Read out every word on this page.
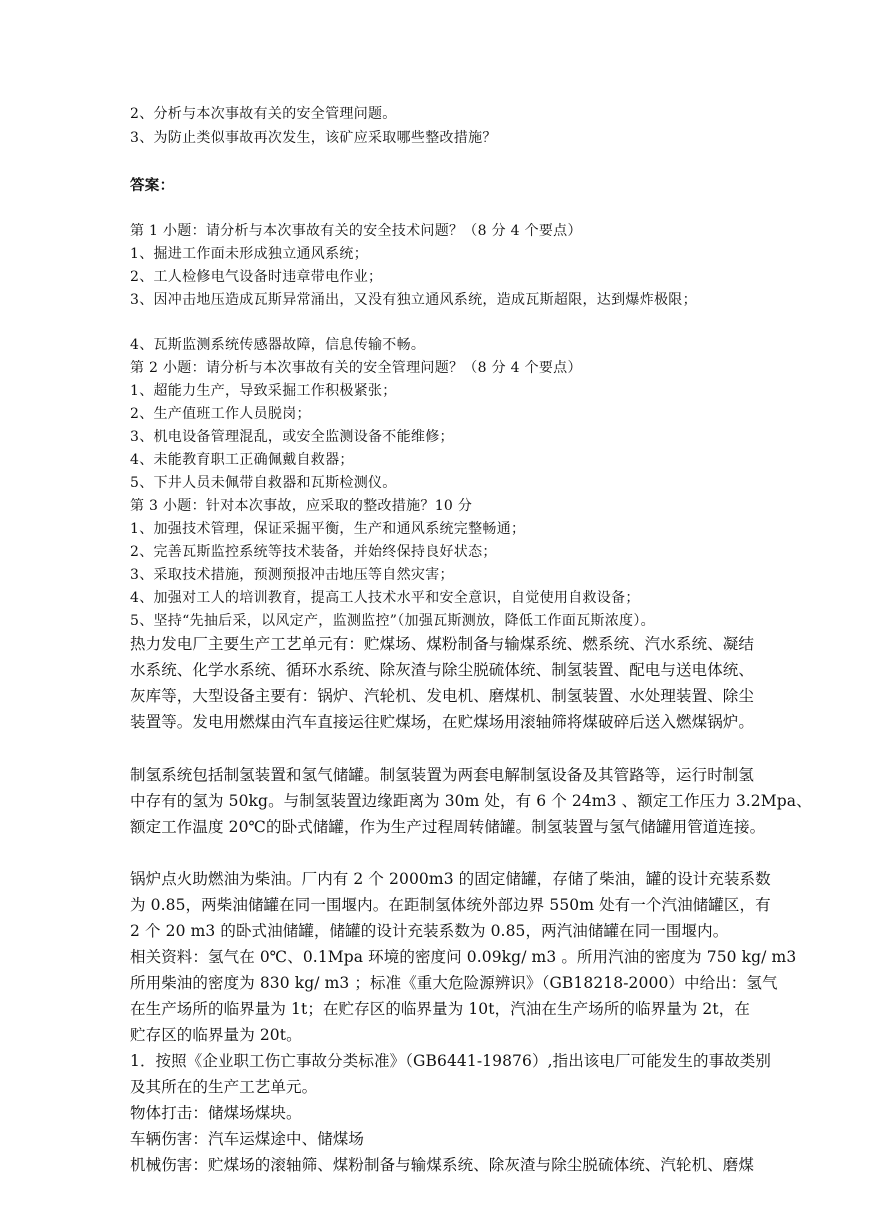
2、分析与本次事故有关的安全管理问题。
3、为防止类似事故再次发生，该矿应采取哪些整改措施？
答案：
第 1 小题：请分析与本次事故有关的安全技术问题？（8 分 4 个要点）
1、掘进工作面未形成独立通风系统；
2、工人检修电气设备时违章带电作业；
3、因冲击地压造成瓦斯异常涌出，又没有独立通风系统，造成瓦斯超限，达到爆炸极限；
4、瓦斯监测系统传感器故障，信息传输不畅。
第 2 小题：请分析与本次事故有关的安全管理问题？（8 分 4 个要点）
1、超能力生产，导致采掘工作积极紧张；
2、生产值班工作人员脱岗；
3、机电设备管理混乱，或安全监测设备不能维修；
4、未能教育职工正确佩戴自救器；
5、下井人员未佩带自救器和瓦斯检测仪。
第 3 小题：针对本次事故，应采取的整改措施？10 分
1、加强技术管理，保证采掘平衡，生产和通风系统完整畅通；
2、完善瓦斯监控系统等技术装备，并始终保持良好状态；
3、采取技术措施，预测预报冲击地压等自然灾害；
4、加强对工人的培训教育，提高工人技术水平和安全意识，自觉使用自救设备；
5、坚持“先抽后采，以风定产，监测监控”（加强瓦斯测放，降低工作面瓦斯浓度）。
热力发电厂主要生产工艺单元有：贮煤场、煤粉制备与输煤系统、燃系统、汽水系统、凝结
水系统、化学水系统、循环水系统、除灰渣与除尘脱硫体统、制氢装置、配电与送电体统、
灰库等，大型设备主要有：锅炉、汽轮机、发电机、磨煤机、制氢装置、水处理装置、除尘
装置等。发电用燃煤由汽车直接运往贮煤场，在贮煤场用滚轴筛将煤破碎后送入燃煤锅炉。
制氢系统包括制氢装置和氢气储罐。制氢装置为两套电解制氢设备及其管路等，运行时制氢
中存有的氢为 50kg。与制氢装置边缘距离为 30m 处，有 6 个 24m3 、额定工作压力 3.2Mpa、
额定工作温度 20℃的卧式储罐，作为生产过程周转储罐。制氢装置与氢气储罐用管道连接。
锅炉点火助燃油为柴油。厂内有 2 个 2000m3 的固定储罐，存储了柴油，罐的设计充装系数
为 0.85，两柴油储罐在同一围堰内。在距制氢体统外部边界 550m 处有一个汽油储罐区，有
2 个 20 m3 的卧式油储罐，储罐的设计充装系数为 0.85，两汽油储罐在同一围堰内。
相关资料：氢气在 0℃、0.1Mpa 环境的密度问 0.09kg/ m3 。所用汽油的密度为 750 kg/ m3
所用柴油的密度为 830 kg/ m3 ；标准《重大危险源辨识》（GB18218-2000）中给出：氢气
在生产场所的临界量为 1t；在贮存区的临界量为 10t，汽油在生产场所的临界量为 2t，在
贮存区的临界量为 20t。
1．按照《企业职工伤亡事故分类标准》（GB6441-19876）,指出该电厂可能发生的事故类别
及其所在的生产工艺单元。
物体打击：储煤场煤块。
车辆伤害：汽车运煤途中、储煤场
机械伤害：贮煤场的滚轴筛、煤粉制备与输煤系统、除灰渣与除尘脱硫体统、汽轮机、磨煤
